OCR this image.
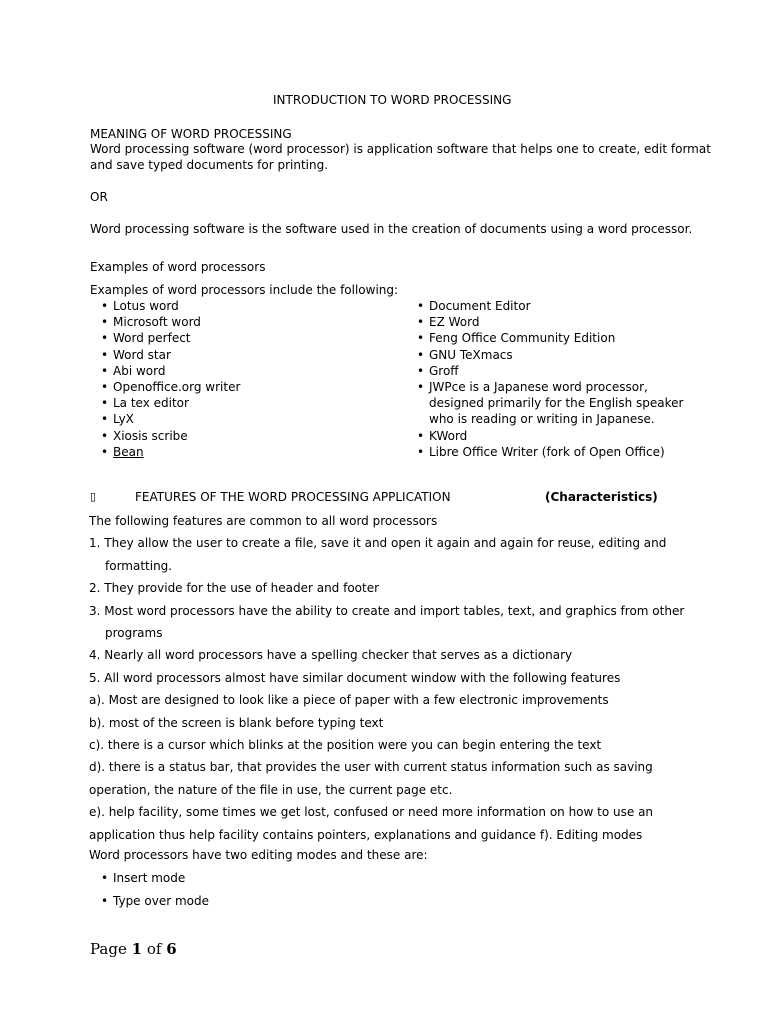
INTRODUCTION TO WORD PROCESSING
MEANING OF WORD PROCESSING
Word processing software (word processor) is application software that helps one to create, edit format
and save typed documents for printing.
OR
Word processing software is the software used in the creation of documents using a word processor.
Examples of word processors
Examples of word processors include the following:
• Lotus word
• Microsoft word
• Word perfect
• Word star
• Abi word
• Openoffice.org writer
• La tex editor
• LyX
• Xiosis scribe
• Bean
• Document Editor
• EZ Word
• Feng Office Community Edition
• GNU TeXmacs
• Groff
• JWPce is a Japanese word processor, designed primarily for the English speaker who is reading or writing in Japanese.
• KWord
• Libre Office Writer (fork of Open Office)
▯	FEATURES OF THE WORD PROCESSING APPLICATION	(Characteristics)
The following features are common to all word processors
1. They allow the user to create a file, save it and open it again and again for reuse, editing and
formatting.
2. They provide for the use of header and footer
3. Most word processors have the ability to create and import tables, text, and graphics from other
programs
4. Nearly all word processors have a spelling checker that serves as a dictionary
5. All word processors almost have similar document window with the following features
a). Most are designed to look like a piece of paper with a few electronic improvements
b). most of the screen is blank before typing text
c). there is a cursor which blinks at the position were you can begin entering the text
d). there is a status bar, that provides the user with current status information such as saving
operation, the nature of the file in use, the current page etc.
e). help facility, some times we get lost, confused or need more information on how to use an
application thus help facility contains pointers, explanations and guidance f). Editing modes
Word processors have two editing modes and these are:
• Insert mode
• Type over mode
Page 1 of 6
